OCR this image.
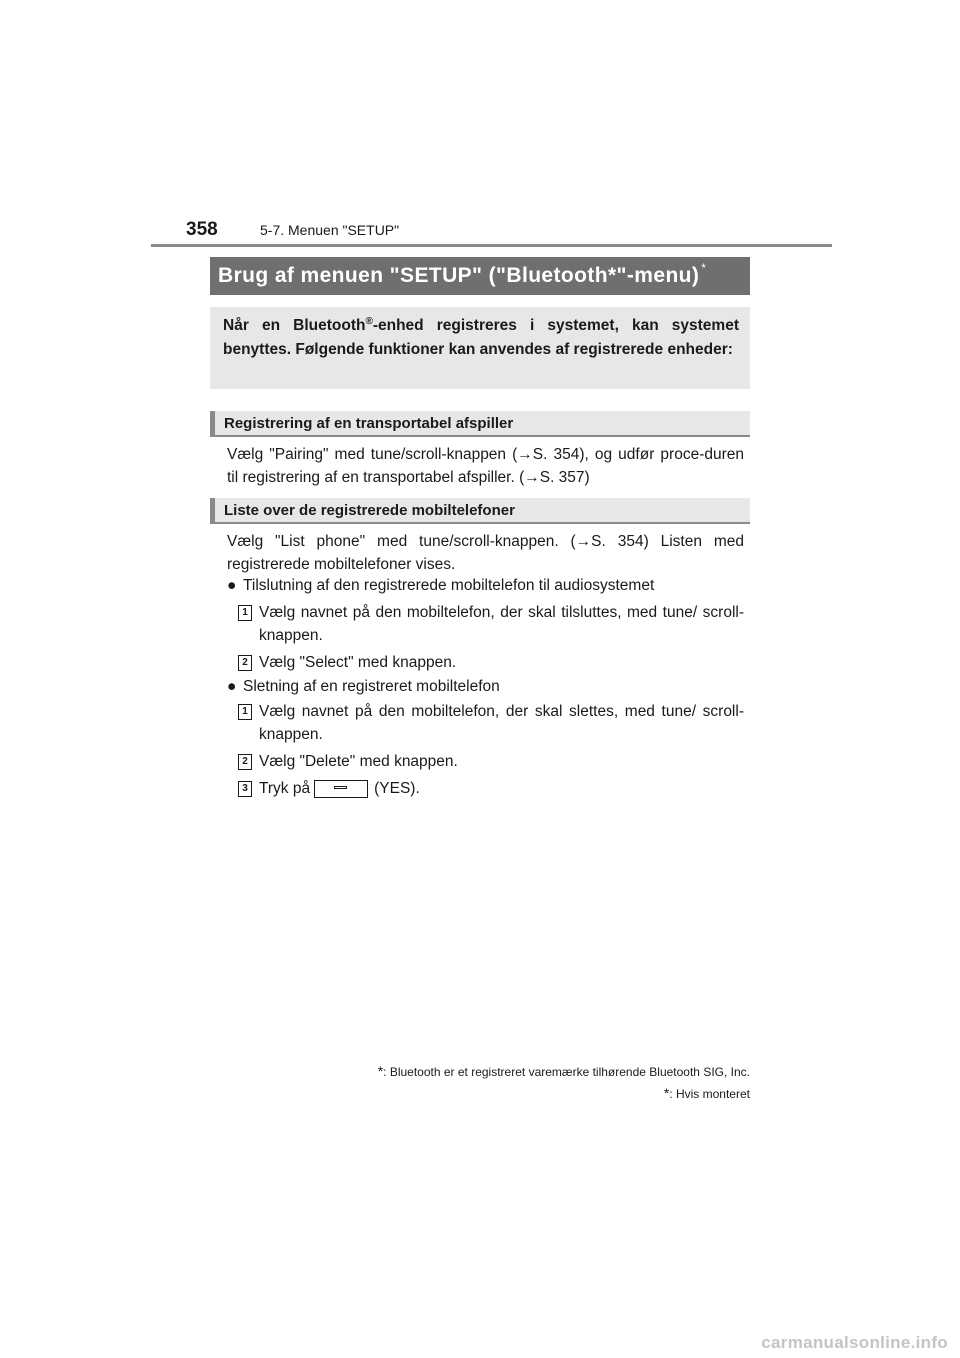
358	5-7. Menuen "SETUP"
Brug af menuen "SETUP" ("Bluetooth*"-menu) *

Når en Bluetooth®-enhed registreres i systemet, kan systemet benyttes. Følgende funktioner kan anvendes af registrerede enheder:

Registrering af en transportabel afspiller

Vælg "Pairing" med tune/scroll-knappen (→S. 354), og udfør proce-duren til registrering af en transportabel afspiller. (→S. 357)

Liste over de registrerede mobiltelefoner

Vælg "List phone" med tune/scroll-knappen. (→S. 354) Listen med registrerede mobiltelefoner vises.

● Tilslutning af den registrerede mobiltelefon til audiosystemet
1 Vælg navnet på den mobiltelefon, der skal tilsluttes, med tune/ scroll-knappen.
2 Vælg "Select" med knappen.
● Sletning af en registreret mobiltelefon
1 Vælg navnet på den mobiltelefon, der skal slettes, med tune/ scroll-knappen.
2 Vælg "Delete" med knappen.
3 Tryk på	(YES).
*: Bluetooth er et registreret varemærke tilhørende Bluetooth SIG, Inc.
*: Hvis monteret
carmanualsonline.info
